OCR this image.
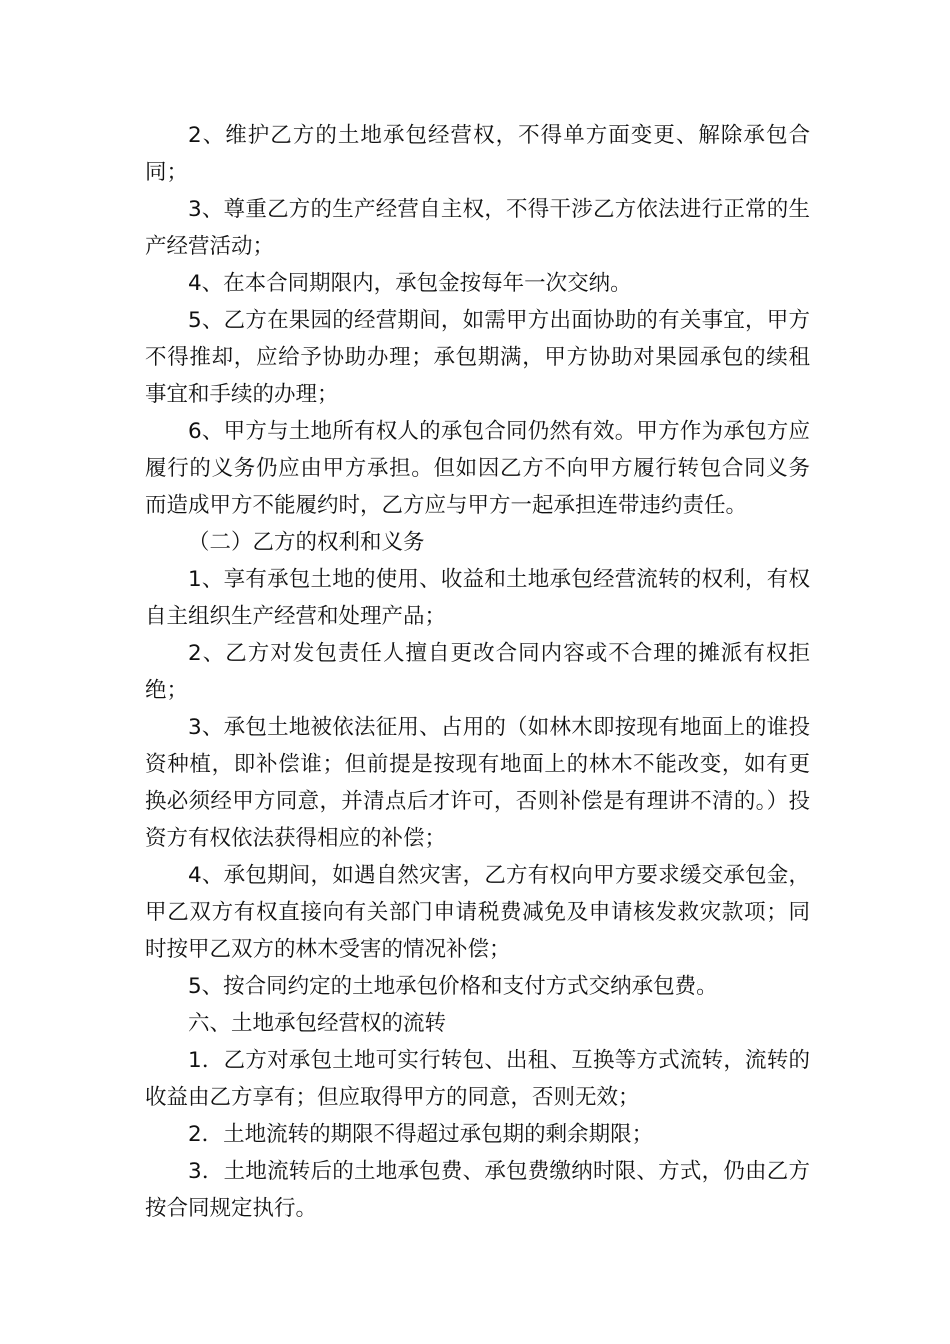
2、维护乙方的土地承包经营权，不得单方面变更、解除承包合同；

3、尊重乙方的生产经营自主权，不得干涉乙方依法进行正常的生产经营活动；

4、在本合同期限内，承包金按每年一次交纳。

5、乙方在果园的经营期间，如需甲方出面协助的有关事宜，甲方不得推却，应给予协助办理；承包期满，甲方协助对果园承包的续租事宜和手续的办理；

6、甲方与土地所有权人的承包合同仍然有效。甲方作为承包方应履行的义务仍应由甲方承担。但如因乙方不向甲方履行转包合同义务而造成甲方不能履约时，乙方应与甲方一起承担连带违约责任。

（二）乙方的权利和义务

1、享有承包土地的使用、收益和土地承包经营流转的权利，有权自主组织生产经营和处理产品；

2、乙方对发包责任人擅自更改合同内容或不合理的摊派有权拒绝；

3、承包土地被依法征用、占用的（如林木即按现有地面上的谁投资种植，即补偿谁；但前提是按现有地面上的林木不能改变，如有更换必须经甲方同意，并清点后才许可，否则补偿是有理讲不清的。）投资方有权依法获得相应的补偿；

4、承包期间，如遇自然灾害，乙方有权向甲方要求缓交承包金，甲乙双方有权直接向有关部门申请税费减免及申请核发救灾款项；同时按甲乙双方的林木受害的情况补偿；

5、按合同约定的土地承包价格和支付方式交纳承包费。

六、土地承包经营权的流转

1．乙方对承包土地可实行转包、出租、互换等方式流转，流转的收益由乙方享有；但应取得甲方的同意，否则无效；

2．土地流转的期限不得超过承包期的剩余期限；

3．土地流转后的土地承包费、承包费缴纳时限、方式，仍由乙方按合同规定执行。
